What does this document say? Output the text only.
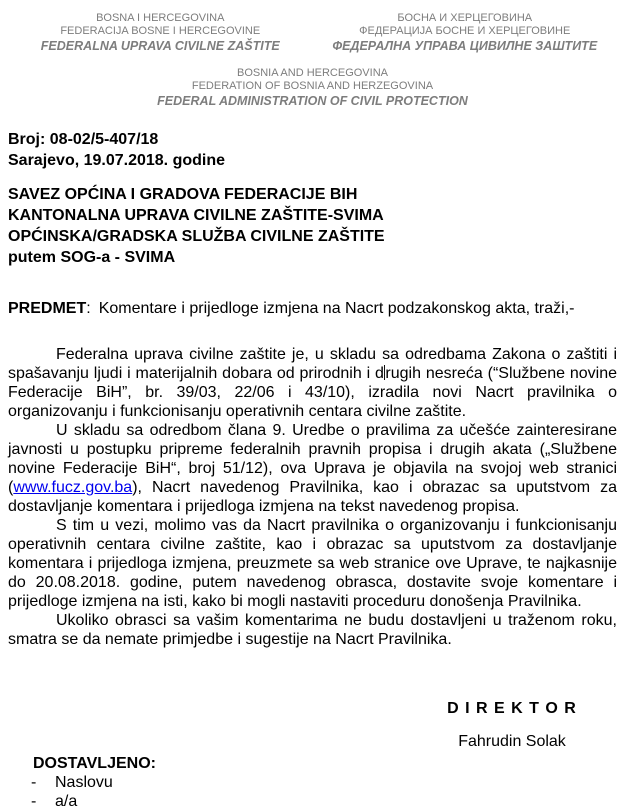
BOSNA I HERCEGOVINA
FEDERACIJA BOSNE I HERCEGOVINE
FEDERALNA UPRAVA CIVILNE ZAŠTITE
БОСНА И ХЕРЦЕГОВИНА
ФЕДЕРАЦИЈА БОСНЕ И ХЕРЦЕГОВИНЕ
ФЕДЕРАЛНА УПРАВА ЦИВИЛНЕ ЗАШТИТЕ
BOSNIA AND HERCEGOVINA
FEDERATION OF BOSNIA AND HERZEGOVINA
FEDERAL ADMINISTRATION OF CIVIL PROTECTION
Broj: 08-02/5-407/18
Sarajevo, 19.07.2018. godine
SAVEZ OPĆINA I GRADOVA FEDERACIJE BIH
KANTONALNA UPRAVA CIVILNE ZAŠTITE-SVIMA
OPĆINSKA/GRADSKA SLUŽBA CIVILNE ZAŠTITE
putem SOG-a - SVIMA
PREDMET: Komentare i prijedloge izmjena na Nacrt podzakonskog akta, traži,-

Federalna uprava civilne zaštite je, u skladu sa odredbama Zakona o zaštiti i spašavanju ljudi i materijalnih dobara od prirodnih i drugih nesreća (“Službene novine Federacije BiH”, br. 39/03, 22/06 i 43/10), izradila novi Nacrt pravilnika o organizovanju i funkcionisanju operativnih centara civilne zaštite.

U skladu sa odredbom člana 9. Uredbe o pravilima za učešće zainteresirane javnosti u postupku pripreme federalnih pravnih propisa i drugih akata („Službene novine Federacije BiH“, broj 51/12), ova Uprava je objavila na svojoj web stranici (www.fucz.gov.ba), Nacrt navedenog Pravilnika, kao i obrazac sa uputstvom za dostavljanje komentara i prijedloga izmjena na tekst navedenog propisa.

S tim u vezi, molimo vas da Nacrt pravilnika o organizovanju i funkcionisanju operativnih centara civilne zaštite, kao i obrazac sa uputstvom za dostavljanje komentara i prijedloga izmjena, preuzmete sa web stranice ove Uprave, te najkasnije do 20.08.2018. godine, putem navedenog obrasca, dostavite svoje komentare i prijedloge izmjena na isti, kako bi mogli nastaviti proceduru donošenja Pravilnika.

Ukoliko obrasci sa vašim komentarima ne budu dostavljeni u traženom roku, smatra se da nemate primjedbe i sugestije na Nacrt Pravilnika.

D I R E K T O R
Fahrudin Solak
DOSTAVLJENO:
-	Naslovu
-	a/a
